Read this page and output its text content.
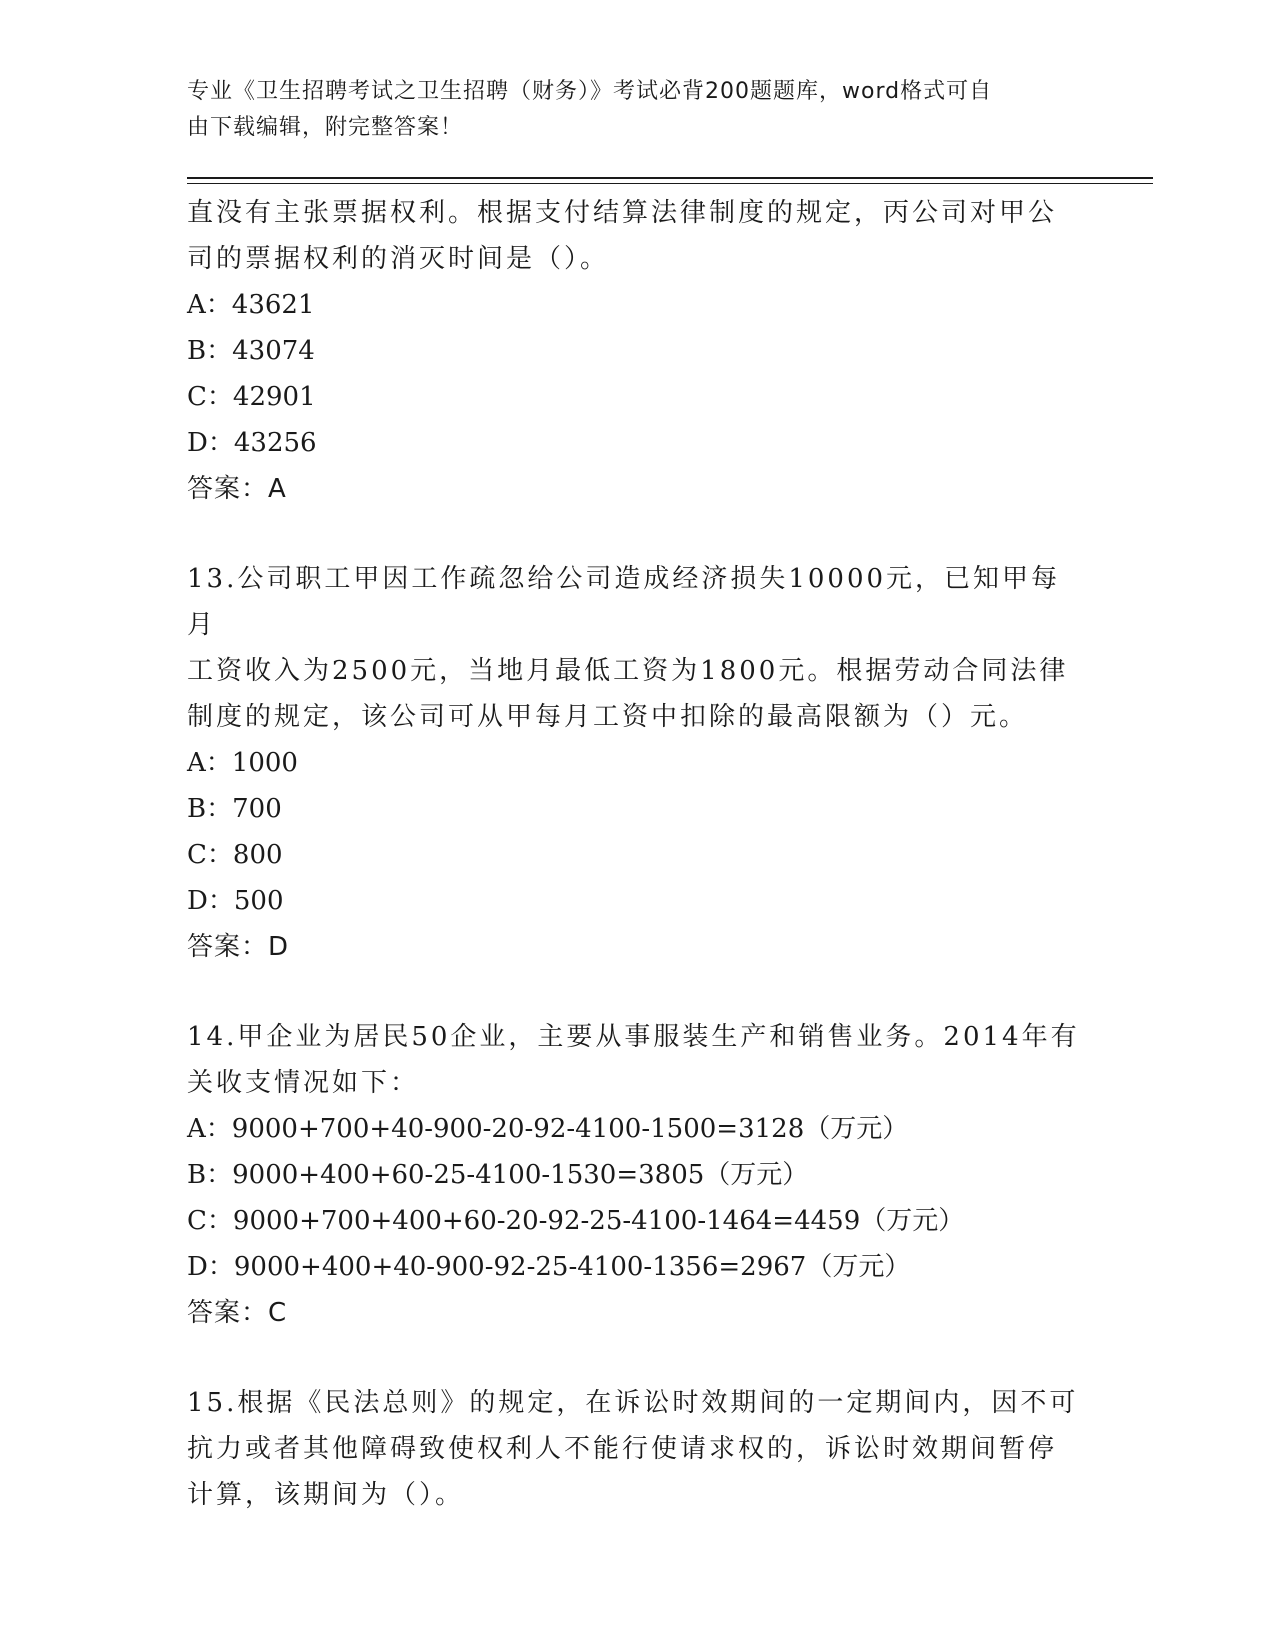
专业《卫生招聘考试之卫生招聘（财务）》考试必背200题题库，word格式可自
由下载编辑，附完整答案！

直没有主张票据权利。根据支付结算法律制度的规定，丙公司对甲公

司的票据权利的消灭时间是（）。

A：43621

B：43074

C：42901

D：43256

答案：A

13.公司职工甲因工作疏忽给公司造成经济损失10000元，已知甲每月

工资收入为2500元，当地月最低工资为1800元。根据劳动合同法律

制度的规定，该公司可从甲每月工资中扣除的最高限额为（）元。

A：1000

B：700

C：800

D：500

答案：D

14.甲企业为居民50企业，主要从事服装生产和销售业务。2014年有

关收支情况如下：

A：9000+700+40-900-20-92-4100-1500=3128（万元）

B：9000+400+60-25-4100-1530=3805（万元）

C：9000+700+400+60-20-92-25-4100-1464=4459（万元）

D：9000+400+40-900-92-25-4100-1356=2967（万元）

答案：C

15.根据《民法总则》的规定，在诉讼时效期间的一定期间内，因不可

抗力或者其他障碍致使权利人不能行使请求权的，诉讼时效期间暂停

计算，该期间为（）。
